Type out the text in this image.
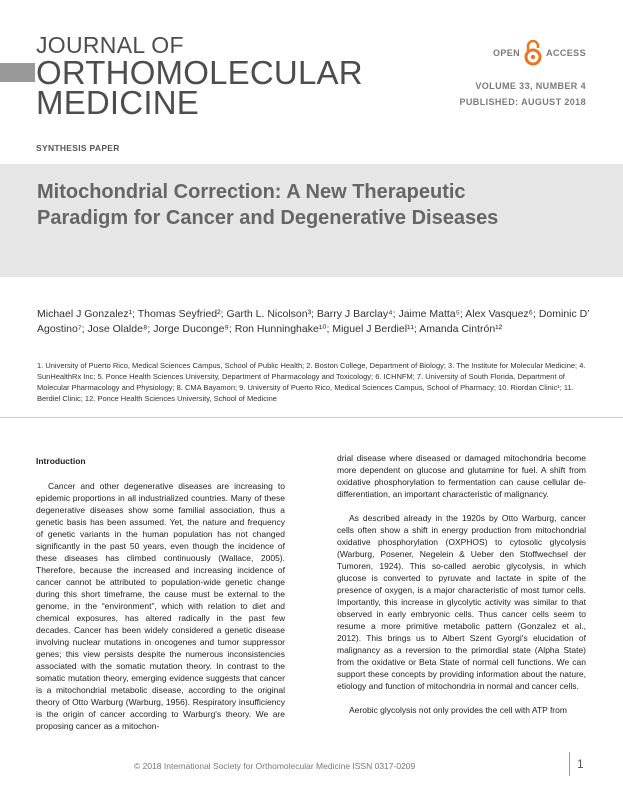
JOURNAL OF
ORTHOMOLECULAR
MEDICINE
OPEN	ACCESS
VOLUME 33, NUMBER 4
PUBLISHED: AUGUST 2018
SYNTHESIS PAPER
Mitochondrial Correction: A New Therapeutic
Paradigm for Cancer and Degenerative Diseases
Michael J Gonzalez¹; Thomas Seyfried²; Garth L. Nicolson³; Barry J Barclay⁴; Jaime Matta⁵; Alex Vasquez⁶; Dominic D’ Agostino⁷; Jose Olalde⁸; Jorge Duconge⁹; Ron Hunninghake¹⁰; Miguel J Berdiel¹¹; Amanda Cintrón¹²
1. University of Puerto Rico, Medical Sciences Campus, School of Public Health; 2. Boston College, Department of Biology; 3. The Institute for Molecular Medicine; 4. SunHealthRx Inc; 5. Ponce Health Sciences University, Department of Pharmacology and Toxicology; 6. ICHNFM; 7. University of South Florida, Department of Molecular Pharmacology and Physiology; 8. CMA Bayamon; 9. University of Puerto Rico, Medical Sciences Campus, School of Pharmacy; 10. Riordan Clinic¹; 11. Berdiel Clinic; 12. Ponce Health Sciences University, School of Medicine
Introduction

Cancer and other degenerative diseases are increasing to epidemic proportions in all industrialized countries. Many of these degenerative diseases show some familial association, thus a genetic basis has been assumed. Yet, the nature and frequency of genetic variants in the human population has not changed significantly in the past 50 years, even though the incidence of these diseases has climbed continuously (Wallace, 2005). Therefore, because the increased and increasing incidence of cancer cannot be attributed to population-wide genetic change during this short timeframe, the cause must be external to the genome, in the “environment”, which with relation to diet and chemical exposures, has altered radically in the past few decades. Cancer has been widely considered a genetic disease involving nuclear mutations in oncogenes and tumor suppressor genes; this view persists despite the numerous inconsistencies associated with the somatic mutation theory. In contrast to the somatic mutation theory, emerging evidence suggests that cancer is a mitochondrial metabolic disease, according to the original theory of Otto Warburg (Warburg, 1956). Respiratory insufficiency is the origin of cancer according to Warburg's theory. We are proposing cancer as a mitochon-

drial disease where diseased or damaged mitochondria become more dependent on glucose and glutamine for fuel. A shift from oxidative phosphorylation to fermentation can cause cellular de-differentiation, an important characteristic of malignancy.

As described already in the 1920s by Otto Warburg, cancer cells often show a shift in energy production from mitochondrial oxidative phosphorylation (OXPHOS) to cytosolic glycolysis (Warburg, Posener, Negelein & Ueber den Stoffwechsel der Tumoren, 1924). This so-called aerobic glycolysis, in which glucose is converted to pyruvate and lactate in spite of the presence of oxygen, is a major characteristic of most tumor cells. Importantly, this increase in glycolytic activity was similar to that observed in early embryonic cells. Thus cancer cells seem to resume a more primitive metabolic pattern (Gonzalez et al., 2012). This brings us to Albert Szent Gyorgi's elucidation of malignancy as a reversion to the primordial state (Alpha State) from the oxidative or Beta State of normal cell functions. We can support these concepts by providing information about the nature, etiology and function of mitochondria in normal and cancer cells.

Aerobic glycolysis not only provides the cell with ATP from

© 2018 International Society for Orthomolecular Medicine ISSN 0317-0209	1
